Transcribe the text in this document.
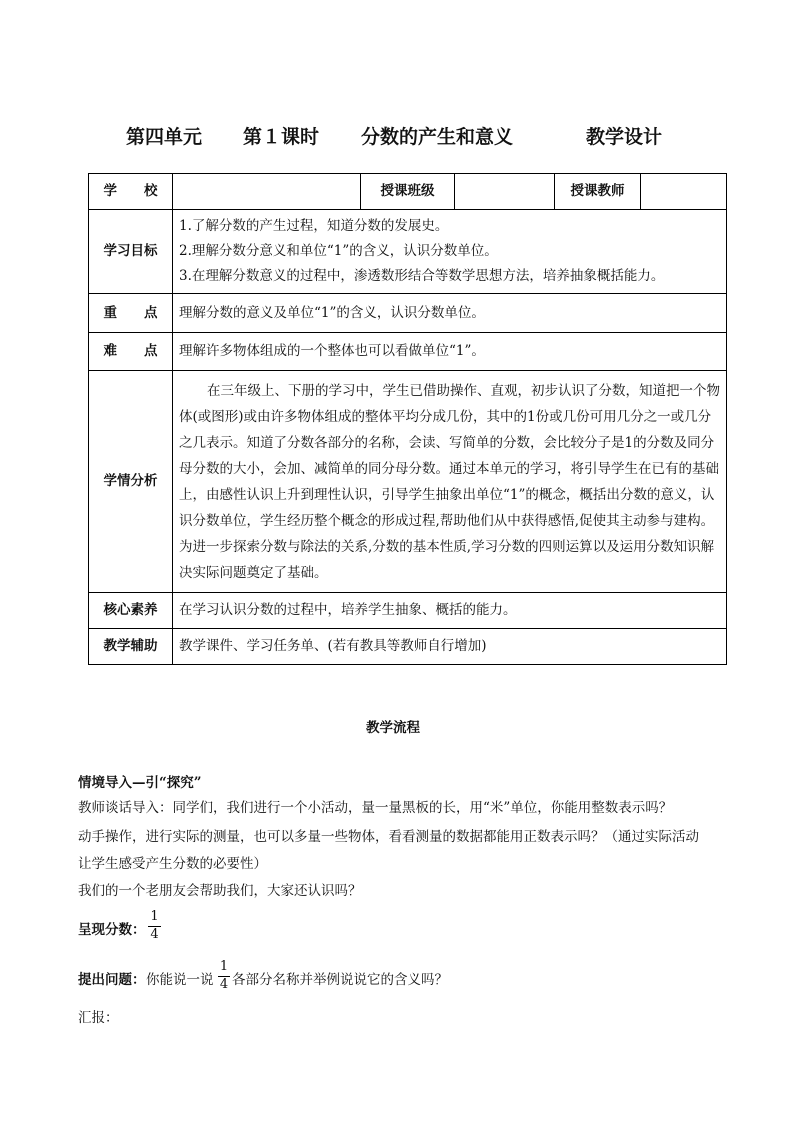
第四单元 第１课时 分数的产生和意义	教学设计
学　　校		授课班级		授课教师	
学习目标	1.了解分数的产生过程，知道分数的发展史。
2.理解分数分意义和单位“1”的含义，认识分数单位。
3.在理解分数意义的过程中，渗透数形结合等数学思想方法，培养抽象概括能力。				

重　　点	理解分数的意义及单位“1”的含义，认识分数单位。				
难　　点	理解许多物体组成的一个整体也可以看做单位“1”。				
学情分析	在三年级上、下册的学习中，学生已借助操作、直观，初步认识了分数，知道把一个物体(或图形)或由许多物体组成的整体平均分成几份，其中的1份或几份可用几分之一或几分之几表示。知道了分数各部分的名称，会读、写简单的分数，会比较分子是1的分数及同分母分数的大小，会加、减简单的同分母分数。通过本单元的学习，将引导学生在已有的基础上，由感性认识上升到理性认识，引导学生抽象出单位“1”的概念，概括出分数的意义，认识分数单位，学生经历整个概念的形成过程,帮助他们从中获得感悟,促使其主动参与建构。为进一步探索分数与除法的关系,分数的基本性质,学习分数的四则运算以及运用分数知识解决实际问题奠定了基础。				

核心素养	在学习认识分数的过程中，培养学生抽象、概括的能力。				
教学辅助	教学课件、学习任务单、(若有教具等教师自行增加)				
教学流程
情境导入—引“探究”
教师谈话导入：同学们，我们进行一个小活动，量一量黑板的长，用“米”单位，你能用整数表示吗？
动手操作，进行实际的测量，也可以多量一些物体，看看测量的数据都能用正数表示吗？（通过实际活动
让学生感受产生分数的必要性）
我们的一个老朋友会帮助我们，大家还认识吗？
呈现分数：
1
4
提出问题： 你能说一说
1
4 各部分名称并举例说说它的含义吗？
汇报：
